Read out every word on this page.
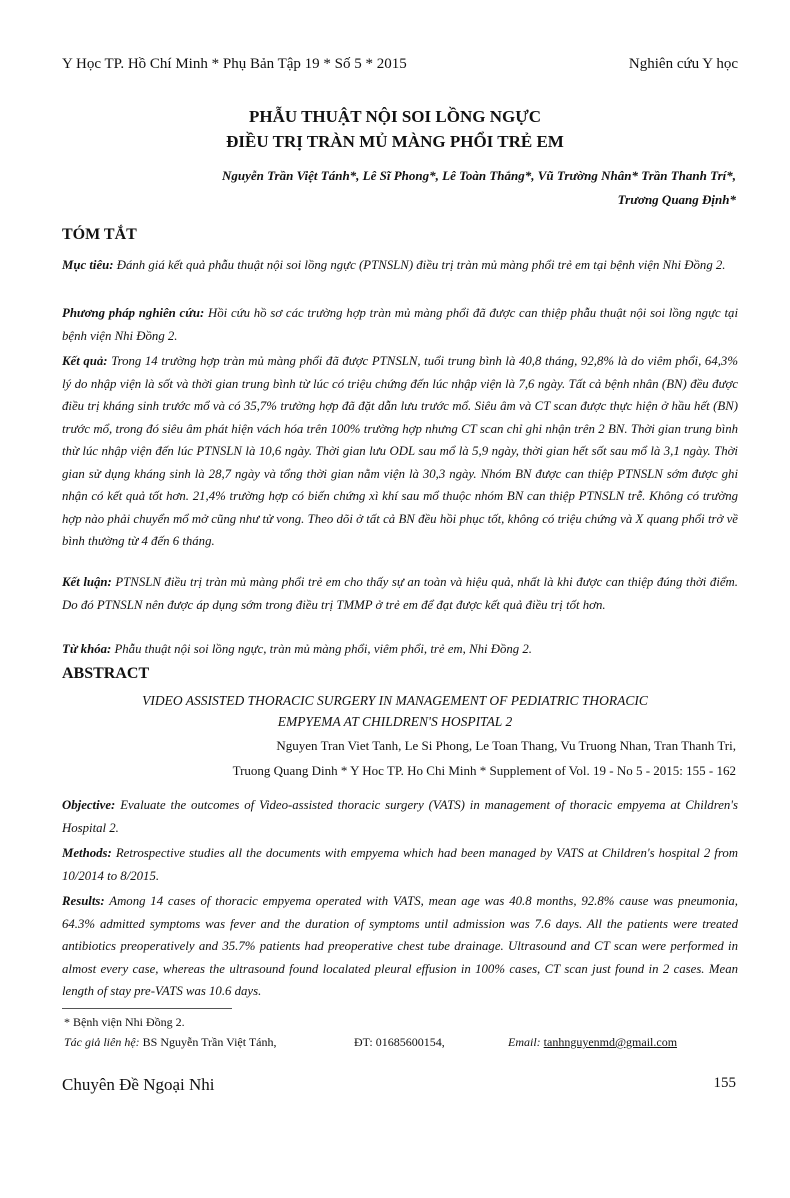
Y Học TP. Hồ Chí Minh * Phụ Bản Tập 19 * Số 5 * 2015	Nghiên cứu Y học
PHẪU THUẬT NỘI SOI LỒNG NGỰC
ĐIỀU TRỊ TRÀN MỦ MÀNG PHỔI TRẺ EM
Nguyễn Trần Việt Tánh*, Lê Sĩ Phong*, Lê Toàn Thắng*, Vũ Trường Nhân* Trần Thanh Trí*,
Trương Quang Định*
TÓM TẮT
Mục tiêu: Đánh giá kết quả phẫu thuật nội soi lồng ngực (PTNSLN) điều trị tràn mủ màng phổi trẻ em tại bệnh viện Nhi Đồng 2.
Phương pháp nghiên cứu: Hồi cứu hồ sơ các trường hợp tràn mủ màng phổi đã được can thiệp phẫu thuật nội soi lồng ngực tại bệnh viện Nhi Đồng 2.
Kết quả: Trong 14 trường hợp tràn mủ màng phổi đã được PTNSLN, tuổi trung bình là 40,8 tháng, 92,8% là do viêm phổi, 64,3% lý do nhập viện là sốt và thời gian trung bình từ lúc có triệu chứng đến lúc nhập viện là 7,6 ngày. Tất cả bệnh nhân (BN) đều được điều trị kháng sinh trước mổ và có 35,7% trường hợp đã đặt dẫn lưu trước mổ. Siêu âm và CT scan được thực hiện ở hầu hết (BN) trước mổ, trong đó siêu âm phát hiện vách hóa trên 100% trường hợp nhưng CT scan chỉ ghi nhận trên 2 BN. Thời gian trung bình thừ lúc nhập viện đến lúc PTNSLN là 10,6 ngày. Thời gian lưu ODL sau mổ là 5,9 ngày, thời gian hết sốt sau mổ là 3,1 ngày. Thời gian sử dụng kháng sinh là 28,7 ngày và tổng thời gian nằm viện là 30,3 ngày. Nhóm BN được can thiệp PTNSLN sớm được ghi nhận có kết quả tốt hơn. 21,4% trường hợp có biến chứng xì khí sau mổ thuộc nhóm BN can thiệp PTNSLN trễ. Không có trường hợp nào phải chuyển mổ mở cũng như tử vong. Theo dõi ở tất cả BN đều hồi phục tốt, không có triệu chứng và X quang phổi trở về bình thường từ 4 đến 6 tháng.
Kết luận: PTNSLN điều trị tràn mủ màng phổi trẻ em cho thấy sự an toàn và hiệu quả, nhất là khi được can thiệp đúng thời điểm. Do đó PTNSLN nên được áp dụng sớm trong điều trị TMMP ở trẻ em để đạt được kết quả điều trị tốt hơn.
Từ khóa: Phẫu thuật nội soi lồng ngực, tràn mủ màng phổi, viêm phổi, trẻ em, Nhi Đồng 2.
ABSTRACT
VIDEO ASSISTED THORACIC SURGERY IN MANAGEMENT OF PEDIATRIC THORACIC
EMPYEMA AT CHILDREN'S HOSPITAL 2
Nguyen Tran Viet Tanh, Le Si Phong, Le Toan Thang, Vu Truong Nhan, Tran Thanh Tri,
Truong Quang Dinh * Y Hoc TP. Ho Chi Minh * Supplement of Vol. 19 - No 5 - 2015: 155 - 162
Objective: Evaluate the outcomes of Video-assisted thoracic surgery (VATS) in management of thoracic empyema at Children's Hospital 2.
Methods: Retrospective studies all the documents with empyema which had been managed by VATS at Children's hospital 2 from 10/2014 to 8/2015.
Results: Among 14 cases of thoracic empyema operated with VATS, mean age was 40.8 months, 92.8% cause was pneumonia, 64.3% admitted symptoms was fever and the duration of symptoms until admission was 7.6 days. All the patients were treated antibiotics preoperatively and 35.7% patients had preoperative chest tube drainage. Ultrasound and CT scan were performed in almost every case, whereas the ultrasound found localated pleural effusion in 100% cases, CT scan just found in 2 cases. Mean length of stay pre-VATS was 10.6 days.
* Bệnh viện Nhi Đồng 2.
Tác giả liên hệ: BS Nguyễn Trần Việt Tánh,	ĐT: 01685600154,	Email: tanhnguyenmd@gmail.com
Chuyên Đề Ngoại Nhi	155
